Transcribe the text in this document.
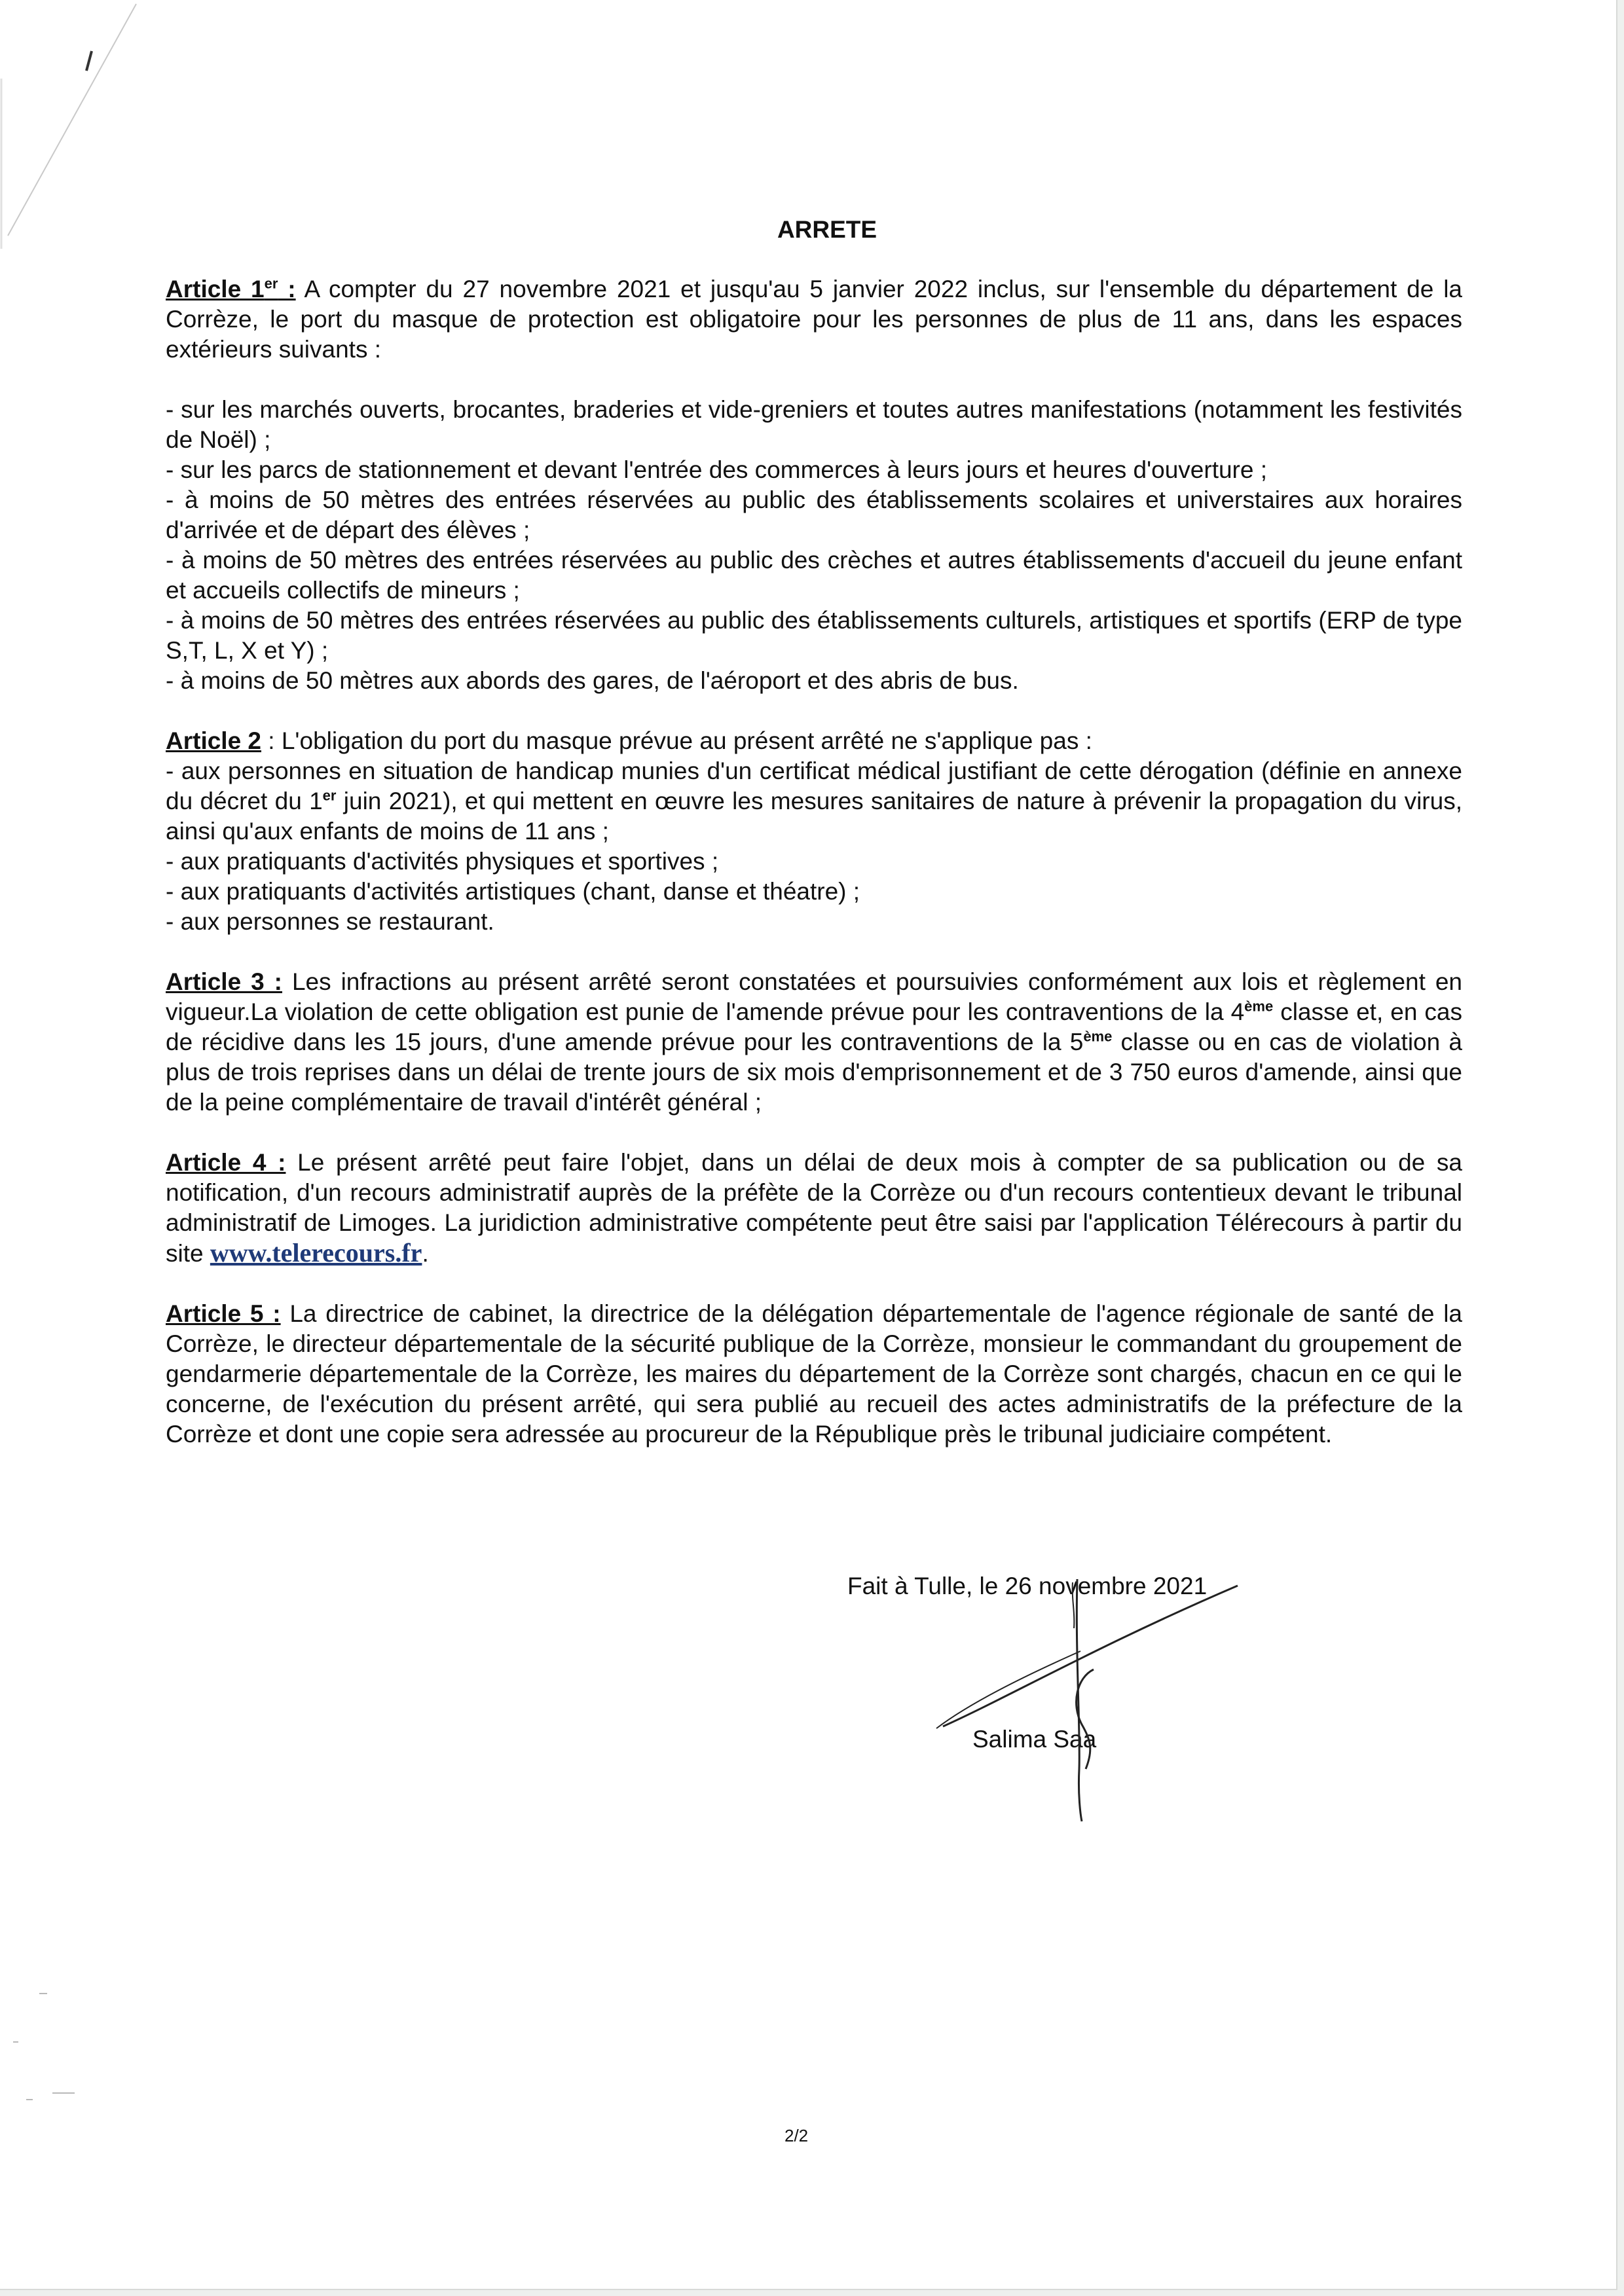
ARRETE

Article 1er : A compter du 27 novembre 2021 et jusqu'au 5 janvier 2022 inclus, sur l'ensemble du département de la Corrèze, le port du masque de protection est obligatoire pour les personnes de plus de 11 ans, dans les espaces extérieurs suivants :

- sur les marchés ouverts, brocantes, braderies et vide-greniers et toutes autres manifestations (notamment les festivités de Noël) ;

- sur les parcs de stationnement et devant l'entrée des commerces à leurs jours et heures d'ouverture ;

- à moins de 50 mètres des entrées réservées au public des établissements scolaires et universtaires aux horaires d'arrivée et de départ des élèves ;

- à moins de 50 mètres des entrées réservées au public des crèches et autres établissements d'accueil du jeune enfant et accueils collectifs de mineurs ;

- à moins de 50 mètres des entrées réservées au public des établissements culturels, artistiques et sportifs (ERP de type S,T, L, X et Y) ;

- à moins de 50 mètres aux abords des gares, de l'aéroport et des abris de bus.

Article 2 : L'obligation du port du masque prévue au présent arrêté ne s'applique pas :

- aux personnes en situation de handicap munies d'un certificat médical justifiant de cette dérogation (définie en annexe du décret du 1er juin 2021), et qui mettent en œuvre les mesures sanitaires de nature à prévenir la propagation du virus, ainsi qu'aux enfants de moins de 11 ans ;

- aux pratiquants d'activités physiques et sportives ;

- aux pratiquants d'activités artistiques (chant, danse et théatre) ;

- aux personnes se restaurant.

Article 3 : Les infractions au présent arrêté seront constatées et poursuivies conformément aux lois et règlement en vigueur.La violation de cette obligation est punie de l'amende prévue pour les contraventions de la 4ème classe et, en cas de récidive dans les 15 jours, d'une amende prévue pour les contraventions de la 5ème classe ou en cas de violation à plus de trois reprises dans un délai de trente jours de six mois d'emprisonnement et de 3 750 euros d'amende, ainsi que de la peine complémentaire de travail d'intérêt général ;

Article 4 : Le présent arrêté peut faire l'objet, dans un délai de deux mois à compter de sa publication ou de sa notification, d'un recours administratif auprès de la préfète de la Corrèze ou d'un recours contentieux devant le tribunal administratif de Limoges. La juridiction administrative compétente peut être saisi par l'application Télérecours à partir du site www.telerecours.fr.

Article 5 : La directrice de cabinet, la directrice de la délégation départementale de l'agence régionale de santé de la Corrèze, le directeur départementale de la sécurité publique de la Corrèze, monsieur le commandant du groupement de gendarmerie départementale de la Corrèze, les maires du département de la Corrèze sont chargés, chacun en ce qui le concerne, de l'exécution du présent arrêté, qui sera publié au recueil des actes administratifs de la préfecture de la Corrèze et dont une copie sera adressée au procureur de la République près le tribunal judiciaire compétent.

Fait à Tulle, le 26 novembre 2021
Salima Saa
2/2
